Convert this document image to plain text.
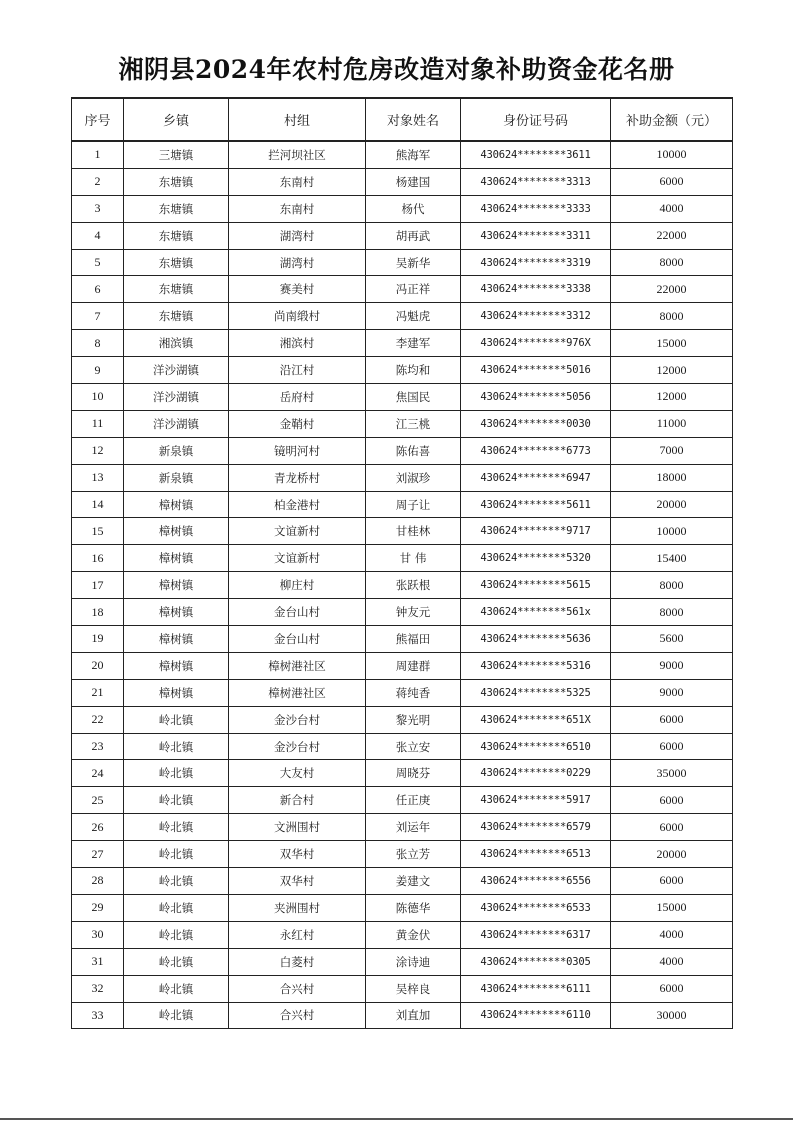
湘阴县2024年农村危房改造对象补助资金花名册
序号	乡镇	村组	对象姓名	身份证号码	补助金额（元）
1	三塘镇	拦河坝社区	熊海军	430624********3611	10000
2	东塘镇	东南村	杨建国	430624********3313	6000
3	东塘镇	东南村	杨代	430624********3333	4000
4	东塘镇	湖湾村	胡再武	430624********3311	22000
5	东塘镇	湖湾村	吴新华	430624********3319	8000
6	东塘镇	赛美村	冯正祥	430624********3338	22000
7	东塘镇	尚南缎村	冯魁虎	430624********3312	8000
8	湘滨镇	湘滨村	李建军	430624********976X	15000
9	洋沙湖镇	沿江村	陈均和	430624********5016	12000
10	洋沙湖镇	岳府村	焦国民	430624********5056	12000
11	洋沙湖镇	金鞘村	江三桃	430624********0030	11000
12	新泉镇	镜明河村	陈佑喜	430624********6773	7000
13	新泉镇	青龙桥村	刘淑珍	430624********6947	18000
14	樟树镇	柏金港村	周子让	430624********5611	20000
15	樟树镇	文谊新村	甘桂林	430624********9717	10000
16	樟树镇	文谊新村	甘 伟	430624********5320	15400
17	樟树镇	柳庄村	张跃根	430624********5615	8000
18	樟树镇	金台山村	钟友元	430624********561x	8000
19	樟树镇	金台山村	熊福田	430624********5636	5600
20	樟树镇	樟树港社区	周建群	430624********5316	9000
21	樟树镇	樟树港社区	蒋纯香	430624********5325	9000
22	岭北镇	金沙台村	黎光明	430624********651X	6000
23	岭北镇	金沙台村	张立安	430624********6510	6000
24	岭北镇	大友村	周晓芬	430624********0229	35000
25	岭北镇	新合村	任正庚	430624********5917	6000
26	岭北镇	文洲围村	刘运年	430624********6579	6000
27	岭北镇	双华村	张立芳	430624********6513	20000
28	岭北镇	双华村	姜建文	430624********6556	6000
29	岭北镇	夹洲围村	陈德华	430624********6533	15000
30	岭北镇	永红村	黄金伏	430624********6317	4000
31	岭北镇	白菱村	涂诗迪	430624********0305	4000
32	岭北镇	合兴村	吴梓良	430624********6111	6000
33	岭北镇	合兴村	刘直加	430624********6110	30000
